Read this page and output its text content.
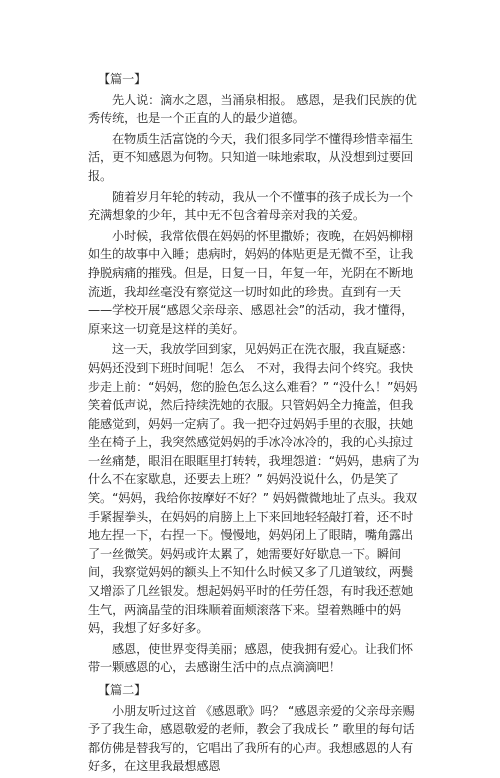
【篇一】

先人说：滴水之恩，当涌泉相报。 感恩，是我们民族的优秀传统，也是一个正直的人的最少道德。

在物质生活富饶的今天，我们很多同学不懂得珍惜幸福生活，更不知感恩为何物。只知道一味地索取，从没想到过要回报。

随着岁月年轮的转动，我从一个不懂事的孩子成长为一个充满想象的少年，其中无不包含着母亲对我的关爱。

小时候，我常依偎在妈妈的怀里撒娇；夜晚，在妈妈柳栩如生的故事中入睡；患病时，妈妈的体贴更是无微不至，让我挣脱病痛的摧残。但是，日复一日，年复一年，光阴在不断地流逝，我却丝毫没有察觉这一切时如此的珍贵。直到有一天——学校开展“感恩父亲母亲、感恩社会”的活动，我才懂得，原来这一切竟是这样的美好。

这一天，我放学回到家，见妈妈正在洗衣服，我直疑惑：妈妈还没到下班时间呢！怎么　不对，我得去问个终究。我快步走上前：“妈妈，您的脸色怎么这么难看？” “没什么！”妈妈笑着低声说，然后持续洗她的衣服。只管妈妈全力掩盖，但我能感觉到，妈妈一定病了。我一把夺过妈妈手里的衣服，扶她坐在椅子上，我突然感觉妈妈的手冰冷冰冷的，我的心头掠过一丝痛楚，眼泪在眼眶里打转转，我埋怨道：“妈妈，患病了为什么不在家歇息，还要去上班？” 妈妈没说什么，仍是笑了笑。“妈妈，我给你按摩好不好？” 妈妈微微地址了点头。我双手紧握拳头，在妈妈的肩膀上上下来回地轻轻敲打着，还不时地左捏一下，右捏一下。慢慢地，妈妈闭上了眼睛，嘴角露出了一丝微笑。妈妈或许太累了，她需要好好歇息一下。瞬间间，我察觉妈妈的额头上不知什么时候又多了几道皱纹，两鬓又增添了几丝银发。想起妈妈平时的任劳任怨，有时我还惹她生气，两滴晶莹的泪珠顺着面颊滚落下来。望着熟睡中的妈妈，我想了好多好多。

感恩，使世界变得美丽；感恩，使我拥有爱心。让我们怀带一颗感恩的心，去感谢生活中的点点滴滴吧！

【篇二】

小朋友听过这首 《感恩歌》吗？ “感恩亲爱的父亲母亲赐予了我生命，感恩敬爱的老师，教会了我成长 ” 歌里的每句话都仿佛是替我写的，它唱出了我所有的心声。我想感恩的人有好多，在这里我最想感恩
